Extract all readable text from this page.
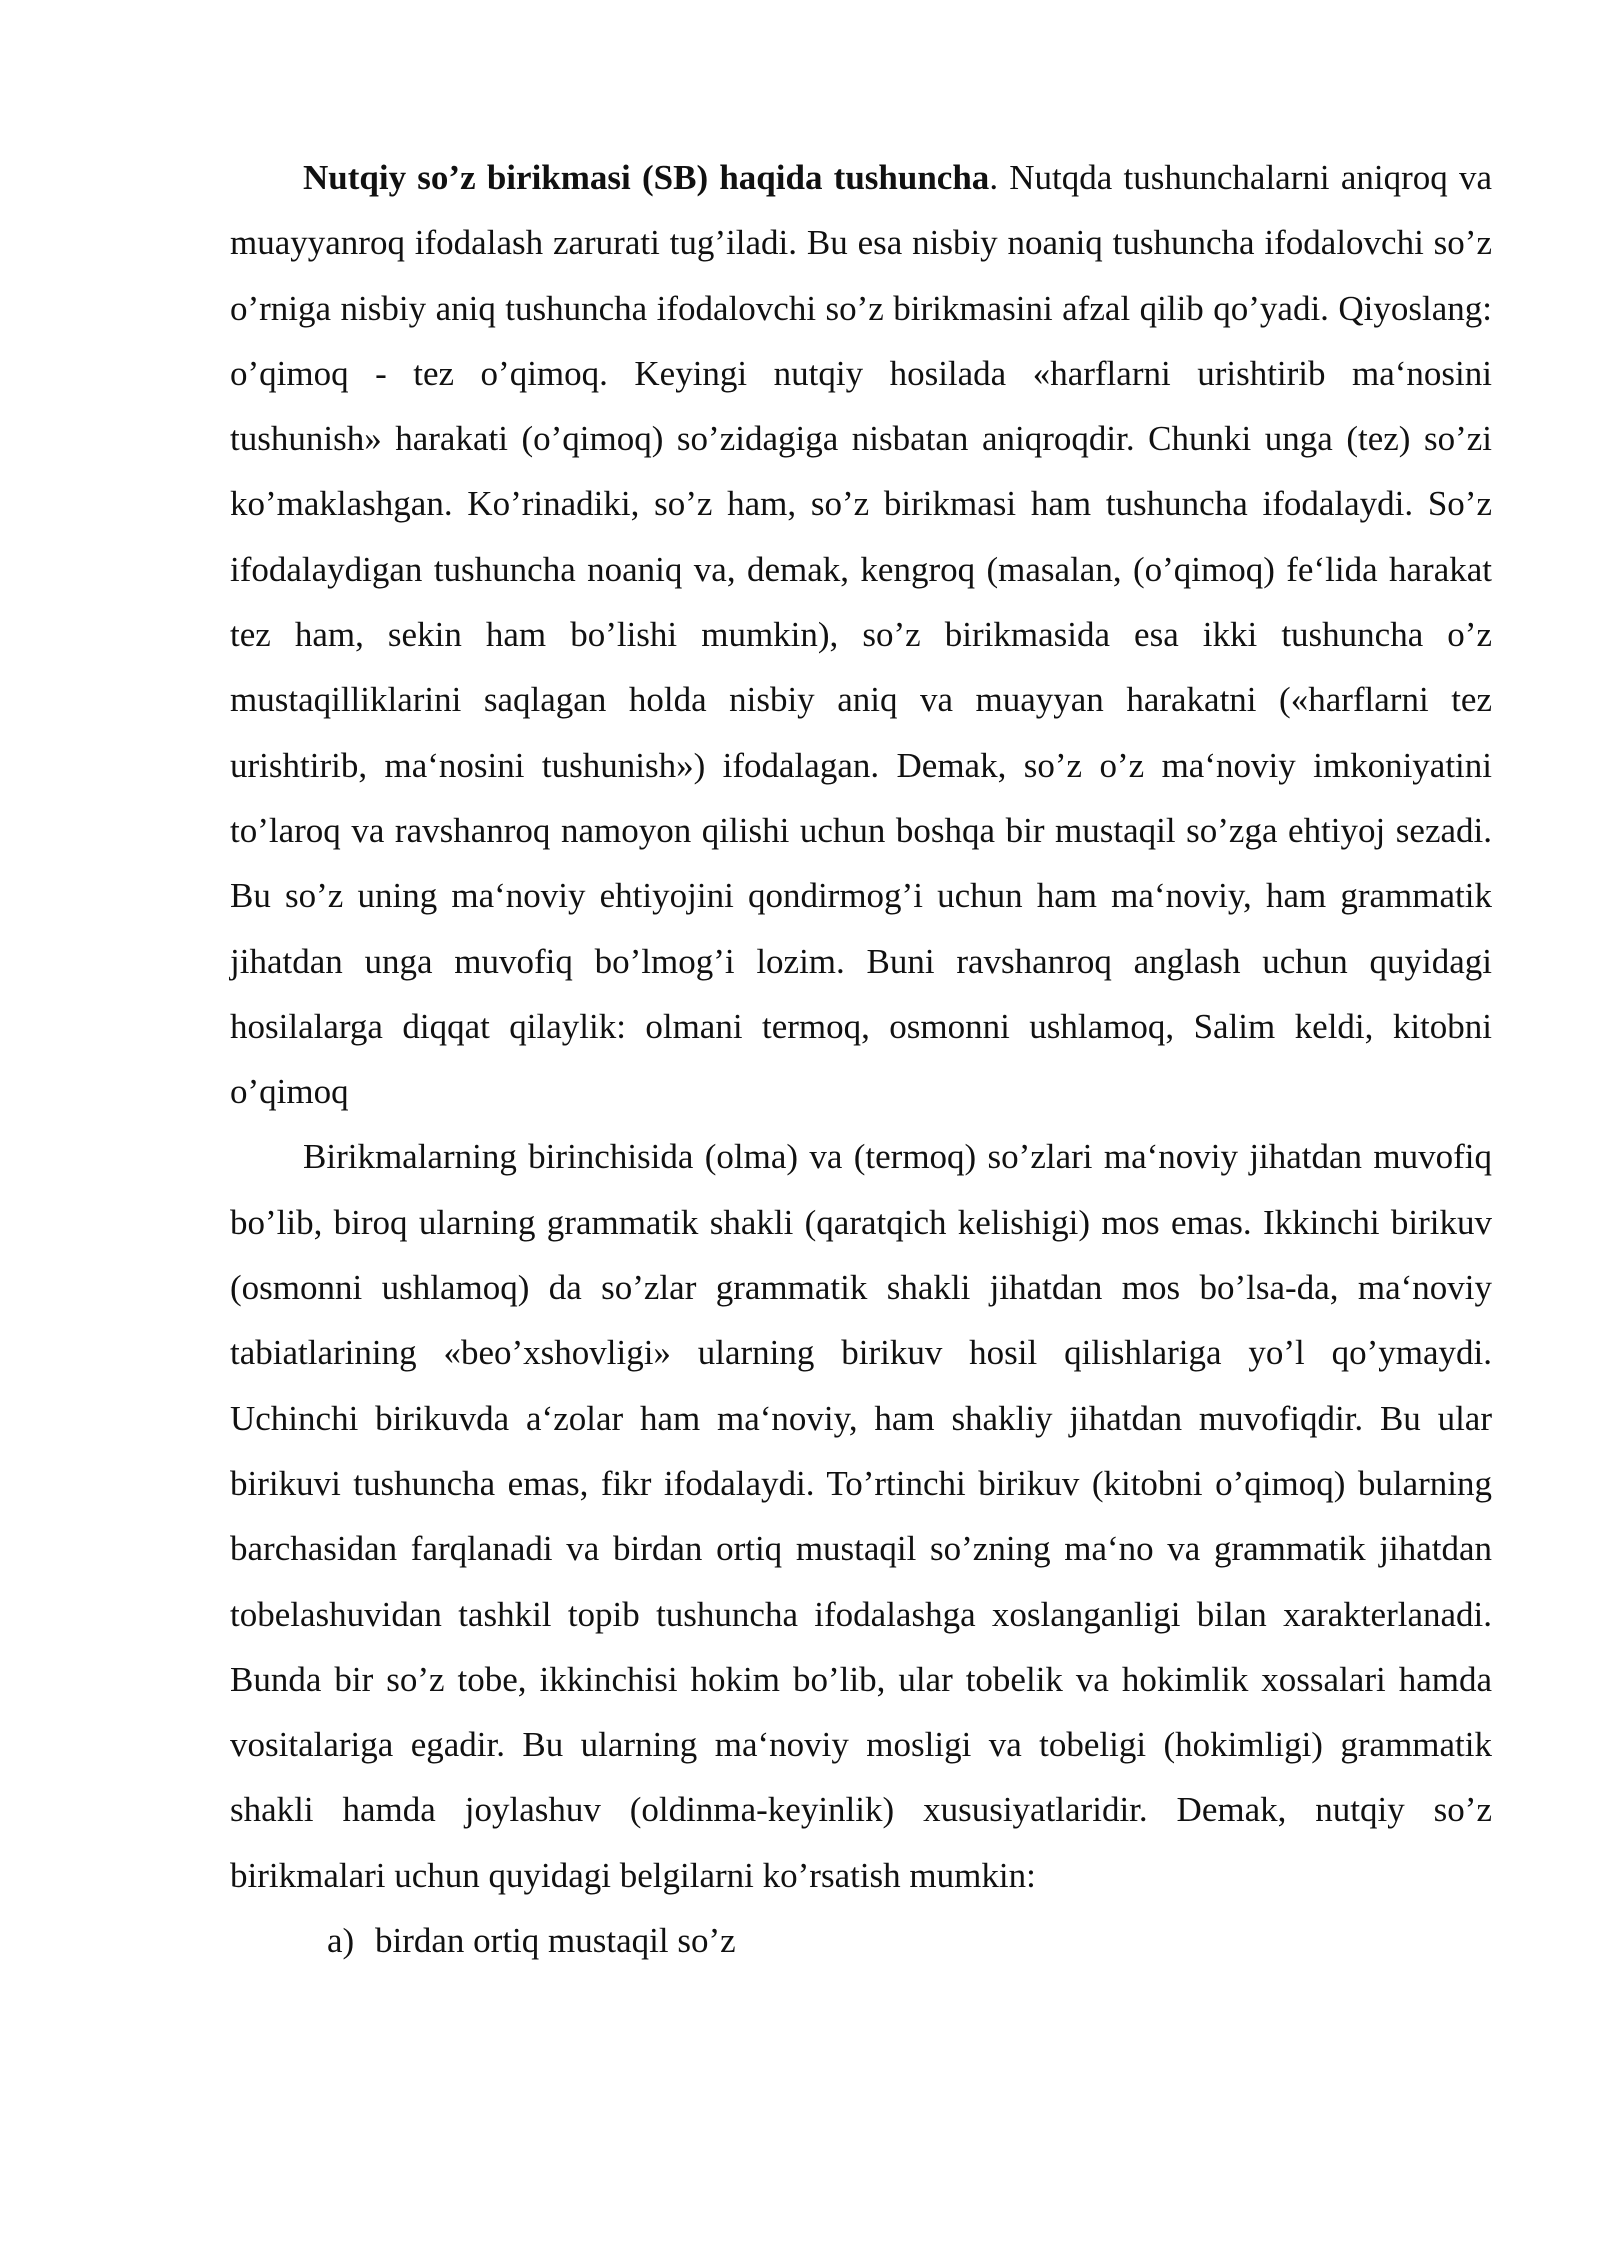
Nutqiy so’z birikmasi (SB) haqida tushuncha. Nutqda tushunchalarni aniqroq va muayyanroq ifodalash zarurati tug’iladi. Bu esa nisbiy noaniq tushuncha ifodalovchi so’z o’rniga nisbiy aniq tushuncha ifodalovchi so’z birikmasini afzal qilib qo’yadi. Qiyoslang: o’qimoq - tez o’qimoq. Keyingi nutqiy hosilada «harflarni urishtirib ma‘nosini tushunish» harakati (o’qimoq) so’zidagiga nisbatan aniqroqdir. Chunki unga (tez) so’zi ko’maklashgan. Ko’rinadiki, so’z ham, so’z birikmasi ham tushuncha ifodalaydi. So’z ifodalaydigan tushuncha noaniq va, demak, kengroq (masalan, (o’qimoq) fe‘lida harakat tez ham, sekin ham bo’lishi mumkin), so’z birikmasida esa ikki tushuncha o’z mustaqilliklarini saqlagan holda nisbiy aniq va muayyan harakatni («harflarni tez urishtirib, ma‘nosini tushunish») ifodalagan. Demak, so’z o’z ma‘noviy imkoniyatini to’laroq va ravshanroq namoyon qilishi uchun boshqa bir mustaqil so’zga ehtiyoj sezadi. Bu so’z uning ma‘noviy ehtiyojini qondirmog’i uchun ham ma‘noviy, ham grammatik jihatdan unga muvofiq bo’lmog’i lozim. Buni ravshanroq anglash uchun quyidagi hosilalarga diqqat qilaylik: olmani termoq, osmonni ushlamoq, Salim keldi, kitobni o’qimoq

Birikmalarning birinchisida (olma) va (termoq) so’zlari ma‘noviy jihatdan muvofiq bo’lib, biroq ularning grammatik shakli (qaratqich kelishigi) mos emas. Ikkinchi birikuv (osmonni ushlamoq) da so’zlar grammatik shakli jihatdan mos bo’lsa-da, ma‘noviy tabiatlarining «beo’xshovligi» ularning birikuv hosil qilishlariga yo’l qo’ymaydi. Uchinchi birikuvda a‘zolar ham ma‘noviy, ham shakliy jihatdan muvofiqdir. Bu ular birikuvi tushuncha emas, fikr ifodalaydi. To’rtinchi birikuv (kitobni o’qimoq) bularning barchasidan farqlanadi va birdan ortiq mustaqil so’zning ma‘no va grammatik jihatdan tobelashuvidan tashkil topib tushuncha ifodalashga xoslanganligi bilan xarakterlanadi. Bunda bir so’z tobe, ikkinchisi hokim bo’lib, ular tobelik va hokimlik xossalari hamda vositalariga egadir. Bu ularning ma‘noviy mosligi va tobeligi (hokimligi) grammatik shakli hamda joylashuv (oldinma-keyinlik) xususiyatlaridir. Demak, nutqiy so’z birikmalari uchun quyidagi belgilarni ko’rsatish mumkin:

a) birdan ortiq mustaqil so’z
